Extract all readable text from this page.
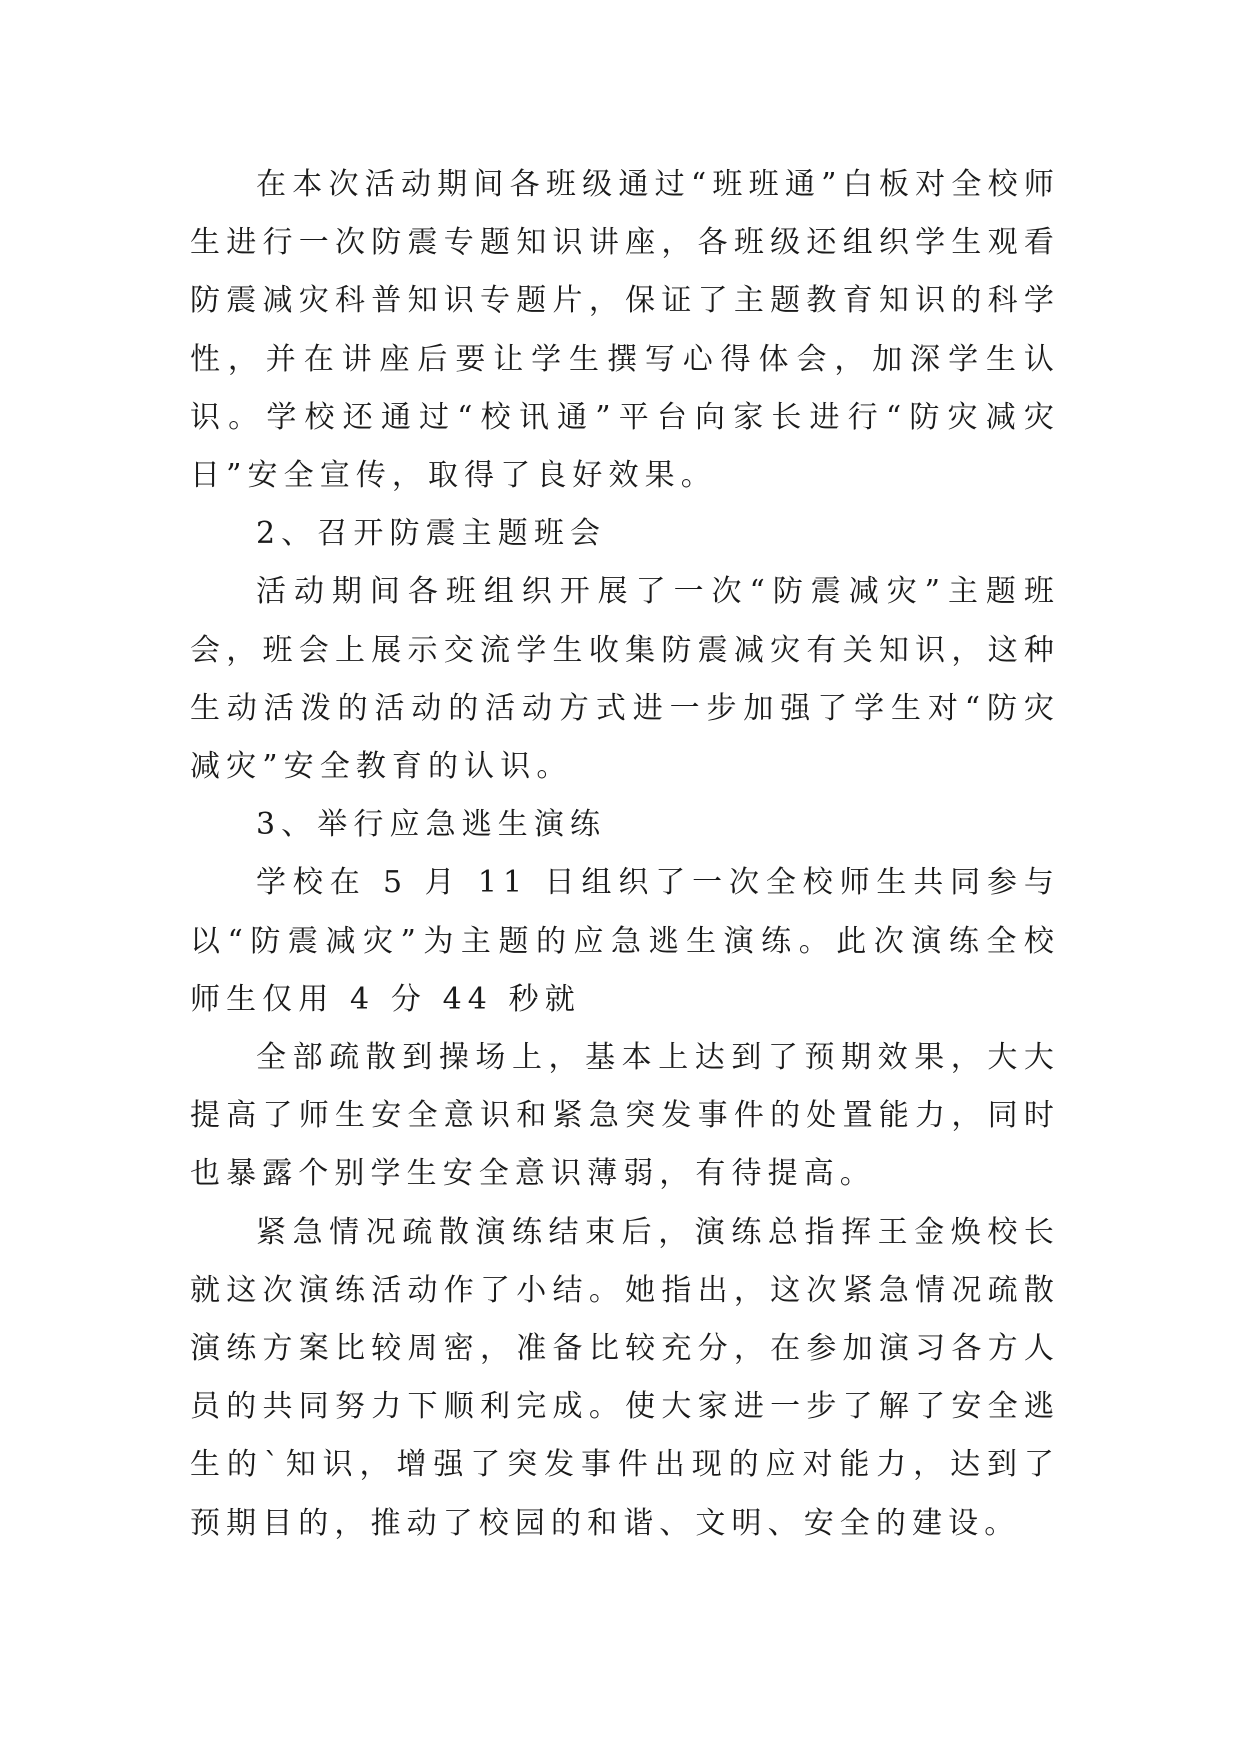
在本次活动期间各班级通过“班班通”白板对全校师生进行一次防震专题知识讲座，各班级还组织学生观看防震减灾科普知识专题片，保证了主题教育知识的科学性，并在讲座后要让学生撰写心得体会，加深学生认识。学校还通过“校讯通”平台向家长进行“防灾减灾日”安全宣传，取得了良好效果。

2、召开防震主题班会

活动期间各班组织开展了一次“防震减灾”主题班会，班会上展示交流学生收集防震减灾有关知识，这种生动活泼的活动的活动方式进一步加强了学生对“防灾减灾”安全教育的认识。

3、举行应急逃生演练

学校在 5 月 11 日组织了一次全校师生共同参与以“防震减灾”为主题的应急逃生演练。此次演练全校师生仅用 4 分 44 秒就

全部疏散到操场上，基本上达到了预期效果，大大提高了师生安全意识和紧急突发事件的处置能力，同时也暴露个别学生安全意识薄弱，有待提高。

紧急情况疏散演练结束后，演练总指挥王金焕校长就这次演练活动作了小结。她指出，这次紧急情况疏散演练方案比较周密，准备比较充分，在参加演习各方人员的共同努力下顺利完成。使大家进一步了解了安全逃生的`知识，增强了突发事件出现的应对能力，达到了预期目的，推动了校园的和谐、文明、安全的建设。
